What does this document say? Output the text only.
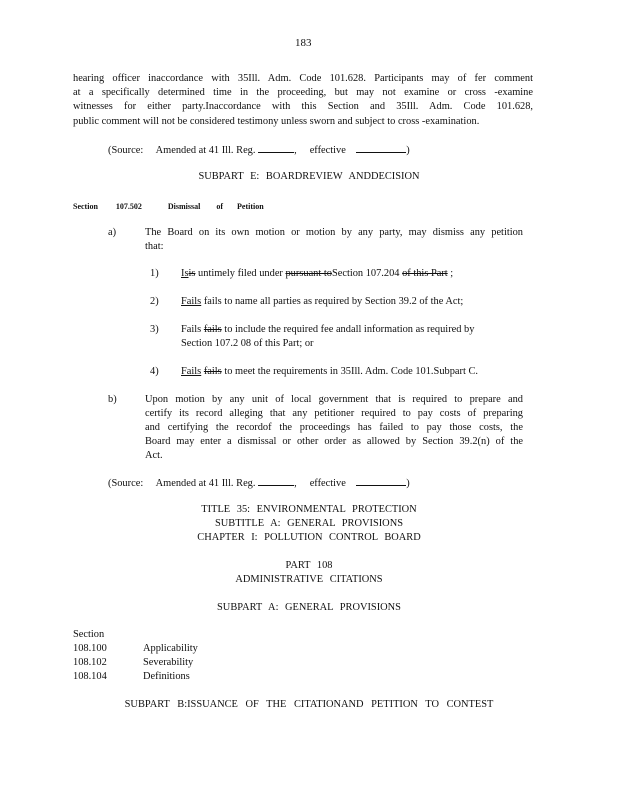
183
hearing officer inaccordance with 35Ill. Adm. Code 101.628. Participants may of fer comment
at a specifically determined time in the proceeding, but may not examine or cross -examine
witnesses for either party.Inaccordance with this Section and 35Ill. Adm. Code 101.628,
public comment will not be considered testimony unless sworn and subject to cross -examination.
(Source: Amended at 41 Ill. Reg.	, effective	)
SUBPART E: BOARDREVIEW ANDDECISION
Section 107.502	Dismissal of Petition
a)	The Board on its own motion or motion by any party, may dismiss any petition
that:
1) Isis untimely filed under pursuant toSection 107.204 of this Part ;
2) Fails fails to name all parties as required by Section 39.2 of the Act;
3) Fails fails to include the required fee andall information as required by
Section 107.2 08 of this Part; or
4) Fails fails to meet the requirements in 35Ill. Adm. Code 101.Subpart C.
b)	Upon motion by any unit of local government that is required to prepare and
certify its record alleging that any petitioner required to pay costs of preparing
and certifying the recordof the proceedings has failed to pay those costs, the
Board may enter a dismissal or other order as allowed by Section 39.2(n) of the
Act.
(Source: Amended at 41 Ill. Reg.	, effective	)
TITLE 35: ENVIRONMENTAL PROTECTION
SUBTITLE A: GENERAL PROVISIONS
CHAPTER I: POLLUTION CONTROL BOARD
PART 108
ADMINISTRATIVE CITATIONS
SUBPART A: GENERAL PROVISIONS
Section
108.100	Applicability
108.102	Severability
108.104	Definitions
SUBPART B:ISSUANCE OF THE CITATIONAND PETITION TO CONTEST
